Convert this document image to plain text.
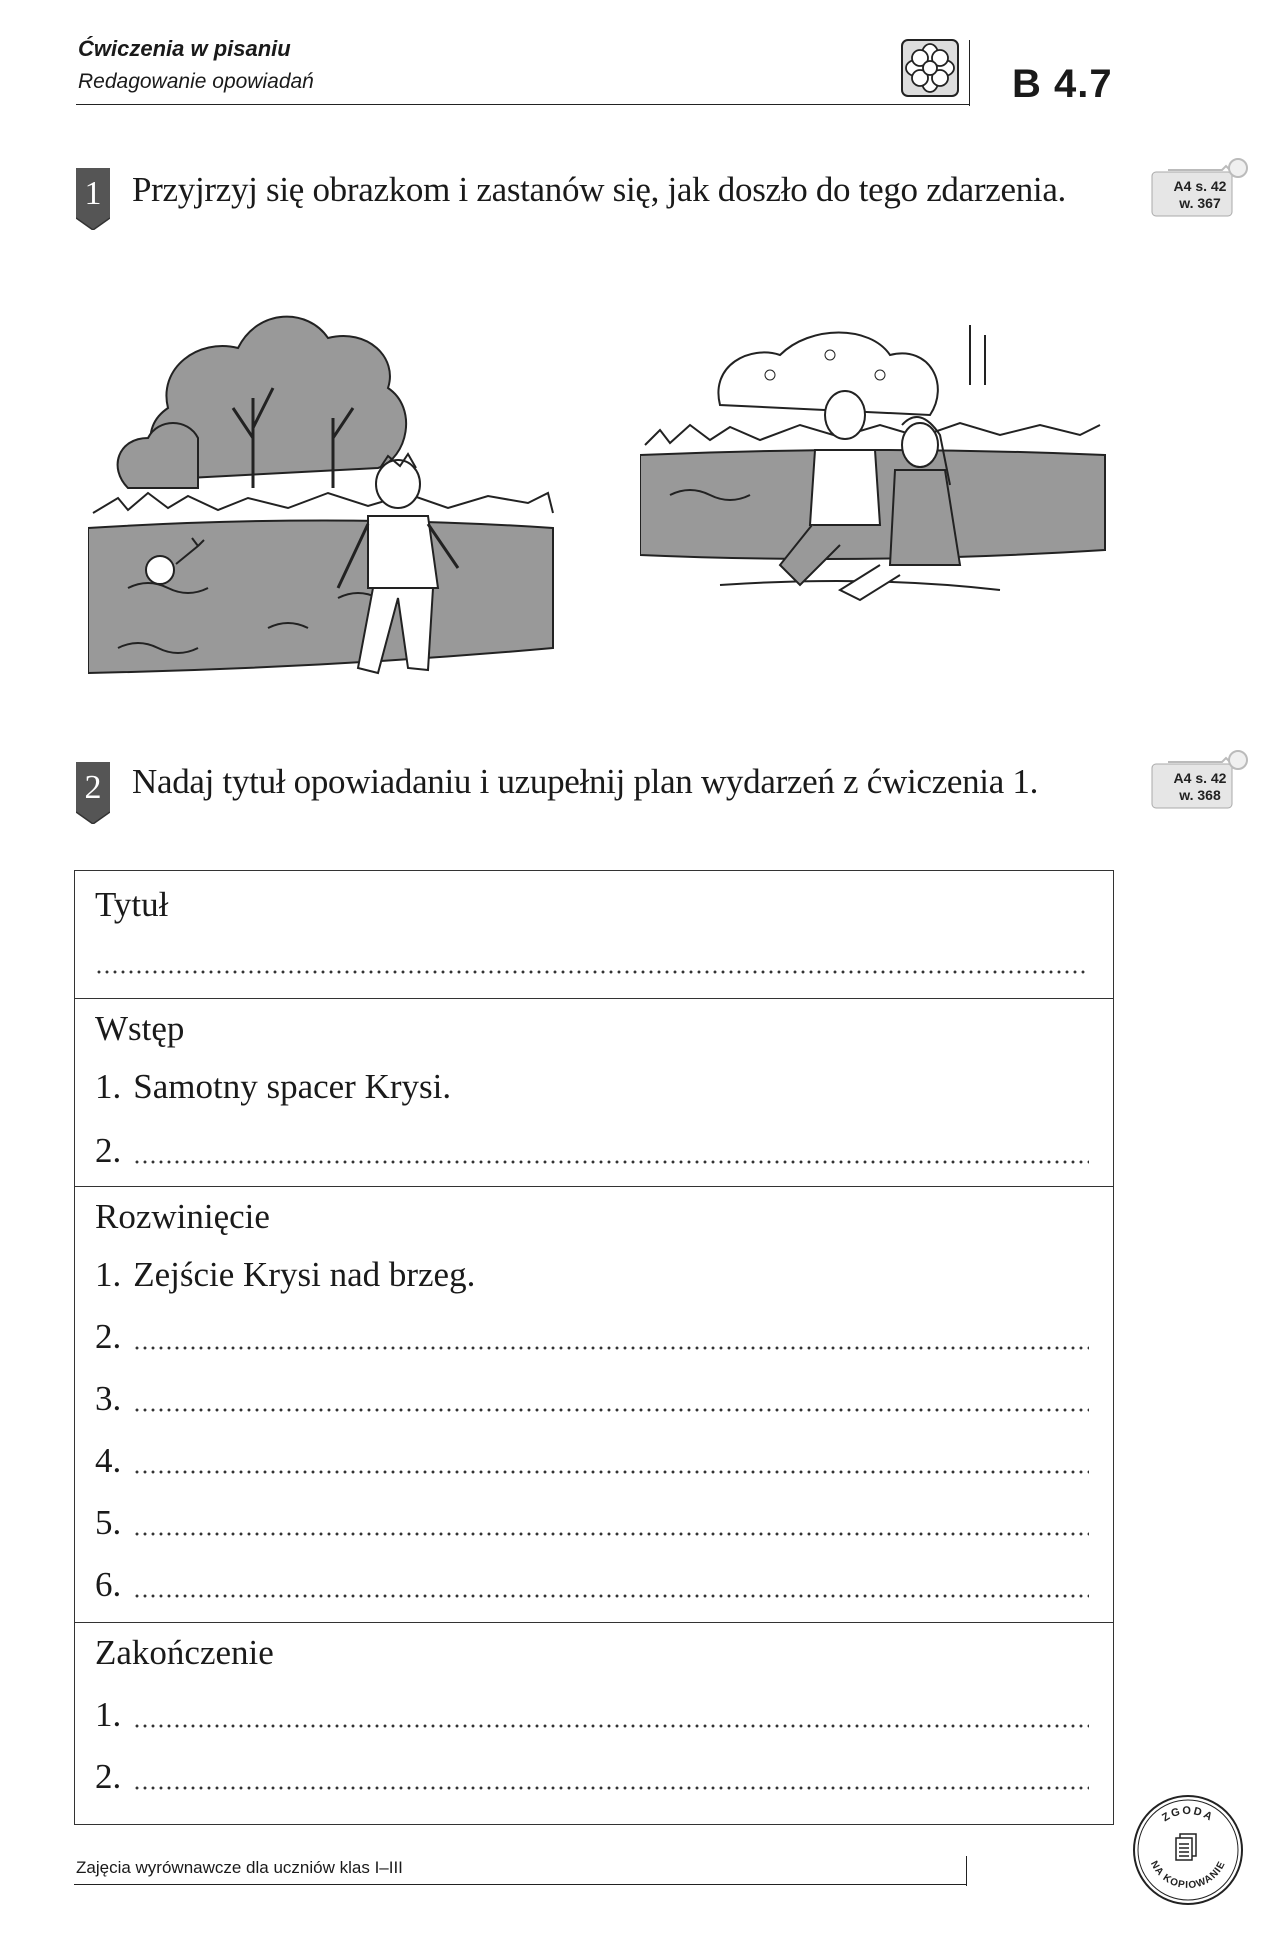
Ćwiczenia w pisaniu
Redagowanie opowiadań	B 4.7
1 Przyjrzyj się obrazkom i zastanów się, jak doszło do tego zdarzenia.	A4 s. 42
w. 367
2 Nadaj tytuł opowiadaniu i uzupełnij plan wydarzeń z ćwiczenia 1.	A4 s. 42
w. 368
Tytuł
Wstęp
1. Samotny spacer Krysi.
2.
Rozwinięcie
1. Zejście Krysi nad brzeg.
2.
3.
4.
5.
6.
Zakończenie
1.
2.
Zajęcia wyrównawcze dla uczniów klas I–III
ZGODA
NA KOPIOWANIE
